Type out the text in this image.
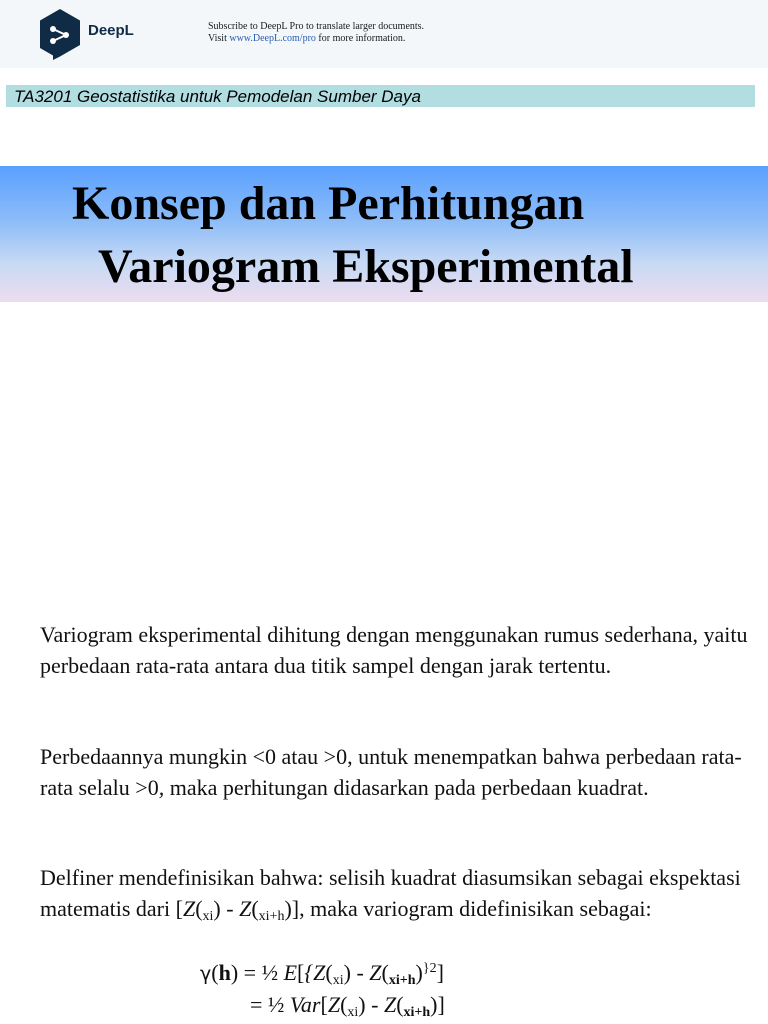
DeepL	Subscribe to DeepL Pro to translate larger documents.
Visit www.DeepL.com/pro for more information.
TA3201 Geostatistika untuk Pemodelan Sumber Daya
Konsep dan Perhitungan
Variogram Eksperimental
Variogram eksperimental dihitung dengan menggunakan rumus sederhana, yaitu perbedaan rata-rata antara dua titik sampel dengan jarak tertentu.
Perbedaannya mungkin <0 atau >0, untuk menempatkan bahwa perbedaan rata-rata selalu >0, maka perhitungan didasarkan pada perbedaan kuadrat.
Delfiner mendefinisikan bahwa: selisih kuadrat diasumsikan sebagai ekspektasi matematis dari $[Z(_{xi}) - Z(_{xi+h})]$, maka variogram didefinisikan sebagai:
γ(h) = ½ $E[\{Z(_{xi}) - Z(_{xi+h})^{\}2}]$
= ½ $Var[Z(_{xi}) - Z(_{xi+h})]$
